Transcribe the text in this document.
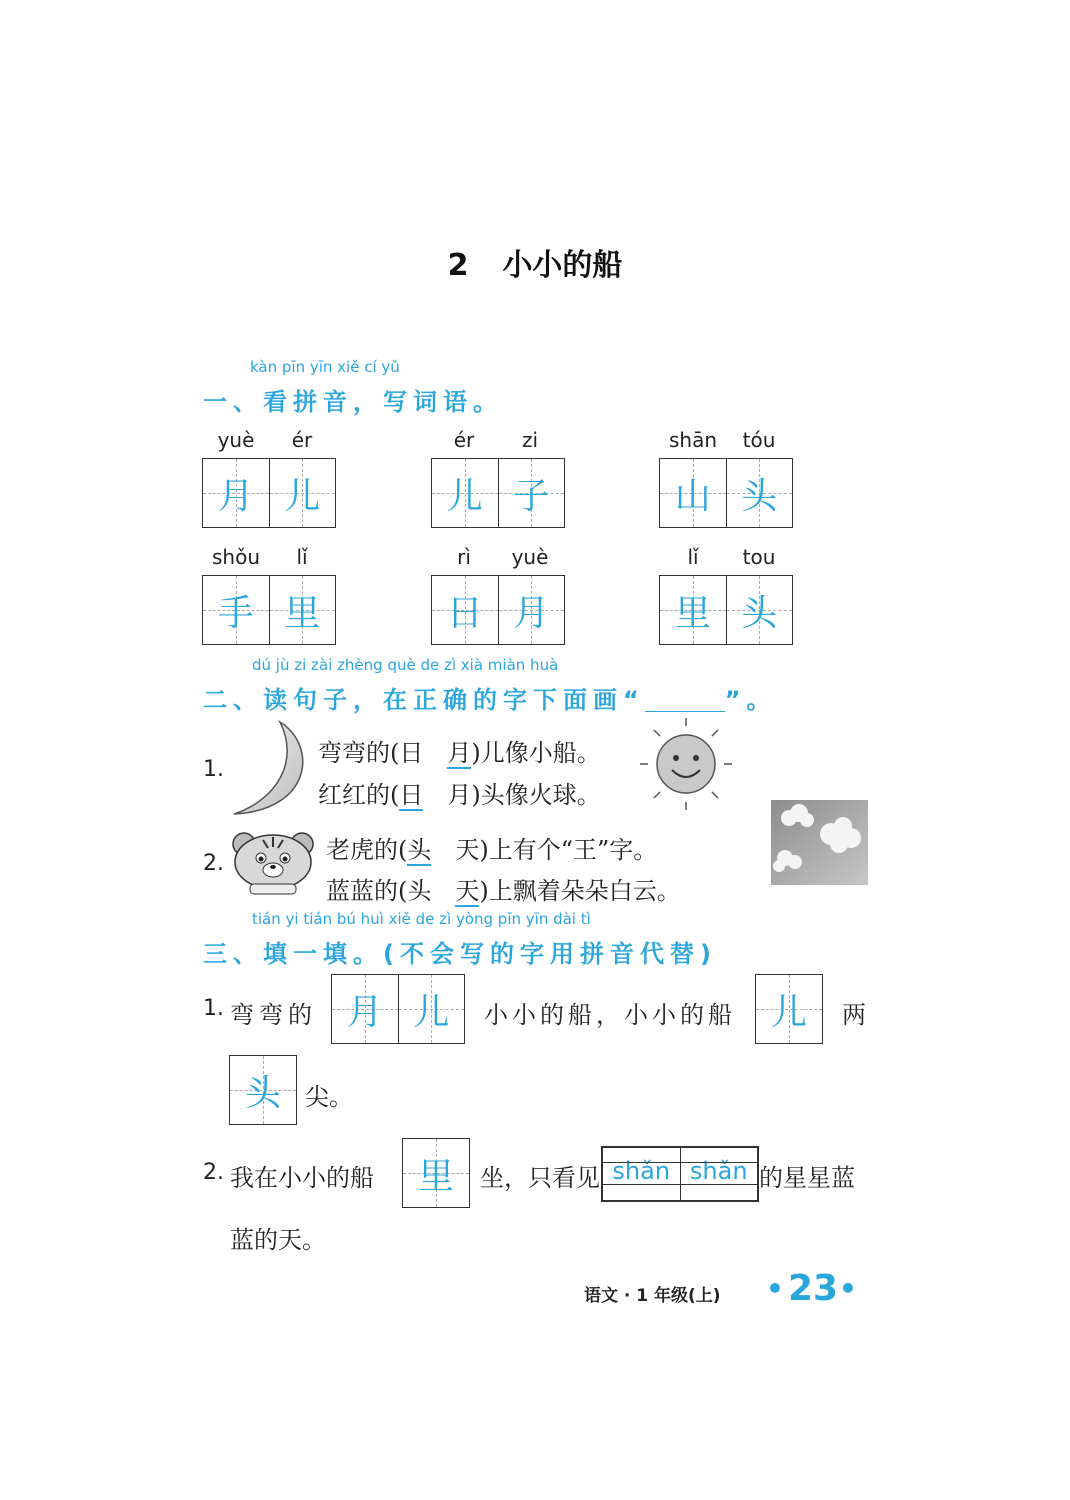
2 小小的船
kàn pīn yīn xiě cí yǔ
一、看拼音，写词语。
yuè	ér
月 儿
ér	zi
儿 子
shān	tóu
山 头
shǒu	lǐ
手 里
rì	yuè
日 月
lǐ	tou
里 头
dú jù zi zài zhèng què de zì xià miàn huà
二、读句子，在正确的字下面画“	”。
1.
弯弯的(日　月)儿像小船。
红红的(日　月)头像火球。
2.	老虎的(头　天)上有个“王”字。
蓝蓝的(头　天)上飘着朵朵白云。
tián yi tián bú huì xiě de zì yòng pīn yīn dài tì
三、填一填。(不会写的字用拼音代替)
1. 弯弯的 月 儿 小小的船，小小的船 儿 两
头 尖。
2. 我在小小的船 里 坐，只看见 shǎn shǎn 的星星蓝
蓝的天。
语文 · 1 年级(上) • 23 •
